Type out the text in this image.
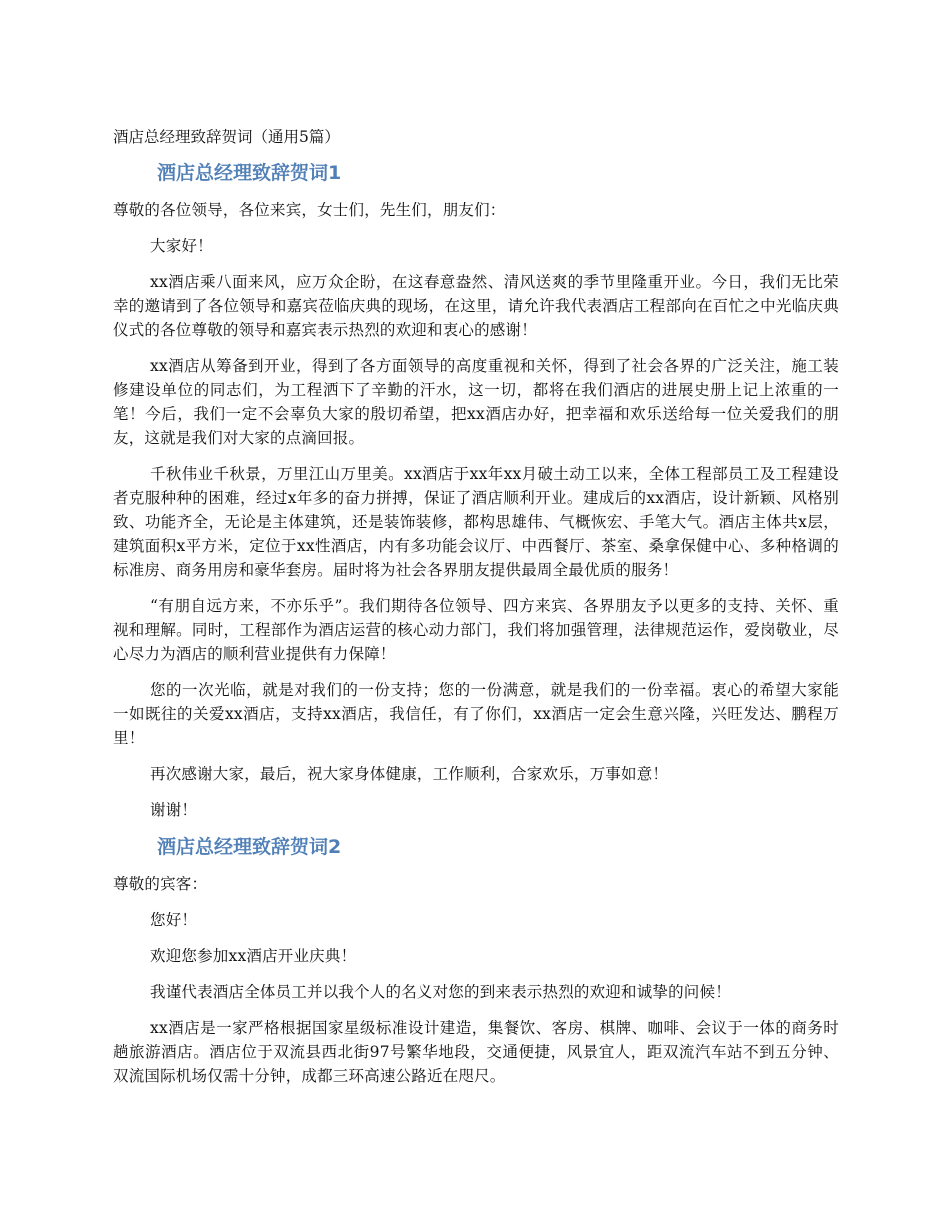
酒店总经理致辞贺词（通用5篇）
酒店总经理致辞贺词1

尊敬的各位领导，各位来宾，女士们，先生们，朋友们：

大家好！

xx酒店乘八面来风，应万众企盼，在这春意盎然、清风送爽的季节里隆重开业。今日，我们无比荣幸的邀请到了各位领导和嘉宾莅临庆典的现场，在这里，请允许我代表酒店工程部向在百忙之中光临庆典仪式的各位尊敬的领导和嘉宾表示热烈的欢迎和衷心的感谢！

xx酒店从筹备到开业，得到了各方面领导的高度重视和关怀，得到了社会各界的广泛关注，施工装修建设单位的同志们，为工程洒下了辛勤的汗水，这一切，都将在我们酒店的进展史册上记上浓重的一笔！今后，我们一定不会辜负大家的殷切希望，把xx酒店办好，把幸福和欢乐送给每一位关爱我们的朋友，这就是我们对大家的点滴回报。

千秋伟业千秋景，万里江山万里美。xx酒店于xx年xx月破土动工以来，全体工程部员工及工程建设者克服种种的困难，经过x年多的奋力拼搏，保证了酒店顺利开业。建成后的xx酒店，设计新颖、风格别致、功能齐全，无论是主体建筑，还是装饰装修，都构思雄伟、气概恢宏、手笔大气。酒店主体共x层，建筑面积x平方米，定位于xx性酒店，内有多功能会议厅、中西餐厅、茶室、桑拿保健中心、多种格调的标准房、商务用房和豪华套房。届时将为社会各界朋友提供最周全最优质的服务！

“有朋自远方来，不亦乐乎”。我们期待各位领导、四方来宾、各界朋友予以更多的支持、关怀、重视和理解。同时，工程部作为酒店运营的核心动力部门，我们将加强管理，法律规范运作，爱岗敬业，尽心尽力为酒店的顺利营业提供有力保障！

您的一次光临，就是对我们的一份支持；您的一份满意，就是我们的一份幸福。衷心的希望大家能一如既往的关爱xx酒店，支持xx酒店，我信任，有了你们，xx酒店一定会生意兴隆，兴旺发达、鹏程万里！

再次感谢大家，最后，祝大家身体健康，工作顺利，合家欢乐，万事如意！

谢谢！

酒店总经理致辞贺词2

尊敬的宾客：

您好！

欢迎您参加xx酒店开业庆典！

我谨代表酒店全体员工并以我个人的名义对您的到来表示热烈的欢迎和诚挚的问候！

xx酒店是一家严格根据国家星级标准设计建造，集餐饮、客房、棋牌、咖啡、会议于一体的商务时趟旅游酒店。酒店位于双流县西北街97号繁华地段，交通便捷，风景宜人，距双流汽车站不到五分钟、双流国际机场仅需十分钟，成都三环高速公路近在咫尺。
